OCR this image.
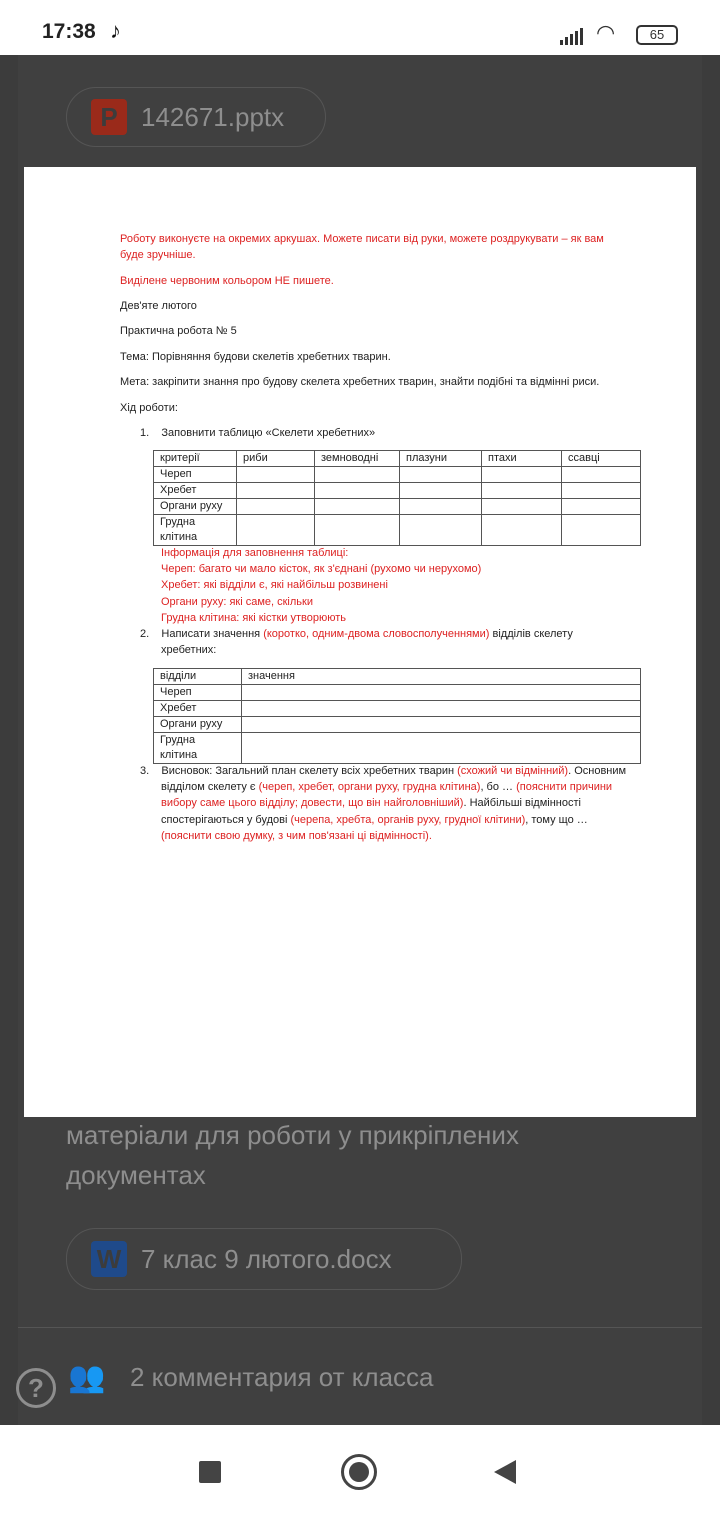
17:38 ♪	◠	65
P 142671.pptx
матеріали для роботи у прикріплених документах
W 7 клас 9 лютого.docx
👥 2 комментария от класса
?
Роботу виконуєте на окремих аркушах. Можете писати від руки, можете роздрукувати – як вам
буде зручніше.
Виділене червоним кольором НЕ пишете.
Дев'яте лютого
Практична робота № 5
Тема: Порівняння будови скелетів хребетних тварин.
Мета: закріпити знання про будову скелета хребетних тварин, знайти подібні та відмінні риси.
Хід роботи:
1.    Заповнити таблицю «Скелети хребетних»
критерії	риби	земноводні	плазуни	птахи	ссавці
Череп					
Хребет					
Органи руху					
Грудна клітина					
Інформація для заповнення таблиці:
Череп: багато чи мало кісток, як з'єднані (рухомо чи нерухомо)
Хребет: які відділи є, які найбільш розвинені
Органи руху: які саме, скільки
Грудна клітина: які кістки утворюють
2.    Написати значення (коротко, одним-двома словосполученнями) відділів скелету
хребетних:
відділи	значення
Череп	
Хребет	
Органи руху	
Грудна клітина	
3.    Висновок: Загальний план скелету всіх хребетних тварин (схожий чи відмінний). Основним
відділом скелету є (череп, хребет, органи руху, грудна клітина), бо … (пояснити причини
вибору саме цього відділу; довести, що він найголовніший). Найбільші відмінності
спостерігаються у будові (черепа, хребта, органів руху, грудної клітини), тому що …
(пояснити свою думку, з чим пов'язані ці відмінності).
